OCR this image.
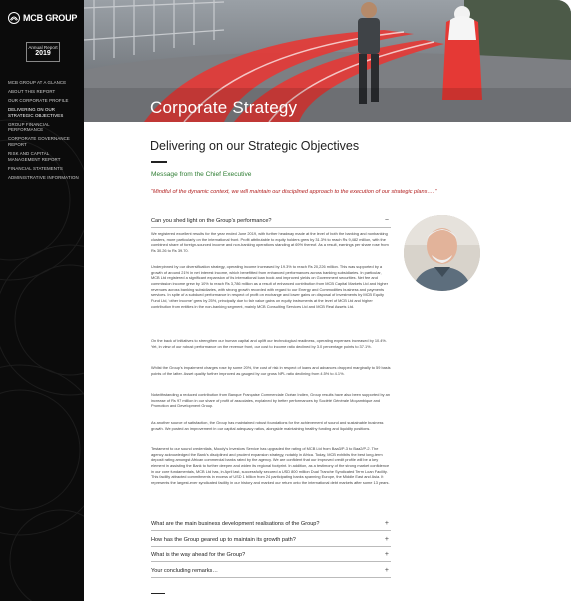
MCB GROUP
Annual Report
2019
MCB GROUP AT A GLANCE
ABOUT THIS REPORT
OUR CORPORATE PROFILE
DELIVERING ON OUR STRATEGIC OBJECTIVES
GROUP FINANCIAL PERFORMANCE
CORPORATE GOVERNANCE REPORT
RISK AND CAPITAL MANAGEMENT REPORT
FINANCIAL STATEMENTS
ADMINISTRATIVE INFORMATION
Corporate Strategy
Delivering on our Strategic Objectives
Message from the Chief Executive
“Mindful of the dynamic context, we will maintain our disciplined approach to the execution of our strategic plans….”
Can you shed light on the Group’s performance?	−

We registered excellent results for the year ended June 2019, with further headway made at the level of both the banking and nonbanking clusters, more particularly on the international front. Profit attributable to equity holders grew by 31.3% to reach Rs 9,482 million, with the combined share of foreign-sourced income and non-banking operations standing at 69% thereof. As a result, earnings per share rose from Rs 30.26 to Rs 39.70.

Underpinned by our diversification strategy, operating income increased by 19.3% to reach Rs 20,226 million. This was supported by a growth of around 21% in net interest income, which benefitted from enhanced performances across banking subsidiaries. In particular, MCB Ltd registered a significant expansion of its international loan book and improved yields on Government securities. Net fee and commission income grew by 10% to reach Rs 3,786 million as a result of enhanced contribution from MCB Capital Markets Ltd and higher revenues across banking subsidiaries, with strong growth recorded with regard to our Energy and Commodities business and payments services. In spite of a subdued performance in respect of profit on exchange and lower gains on disposal of investments by MCB Equity Fund Ltd, ‘other income’ grew by 25%, principally due to fair value gains on equity instruments at the level of MCB Ltd and higher contribution from entities in the non-banking segment, mainly MCB Consulting Services Ltd and MCB Real Assets Ltd.

On the back of initiatives to strengthen our human capital and uplift our technological readiness, operating expenses increased by 10.4%. Yet, in view of our robust performance on the revenue front, our cost to income ratio declined by 3.0 percentage points to 37.1%.

Whilst the Group’s impairment charges rose by some 20%, the cost of risk in respect of loans and advances dropped marginally to 59 basis points of the latter. Asset quality further improved as gauged by our gross NPL ratio declining from 4.5% to 4.1%.

Notwithstanding a reduced contribution from Banque Française Commerciale Océan Indien, Group results have also been supported by an increase of Rs 97 million in our share of profit of associates, explained by better performances by Société Générale Moçambique and Promotion and Development Group.

As another source of satisfaction, the Group has maintained robust foundations for the achievement of sound and sustainable business growth. We posted an improvement in our capital adequacy ratios, alongside maintaining healthy funding and liquidity positions.

Testament to our sound credentials, Moody’s Investors Service has upgraded the rating of MCB Ltd from Baa3/P-3 to Baa2/P-2. The agency acknowledged the Bank’s disciplined and prudent expansion strategy, notably in Africa. Today, MCB exhibits the best long-term deposit rating amongst African commercial banks rated by the agency. We are confident that our improved credit profile will be a key element in assisting the Bank to further deepen and widen its regional footprint. In addition, as a testimony of the strong market confidence in our core fundamentals, MCB Ltd has, in April last, successfully secured a USD 800 million Dual Tranche Syndicated Term Loan Facility. This facility attracted commitments in excess of USD 1 billion from 24 participating banks spanning Europe, the Middle East and Asia. It represents the largest-ever syndicated facility in our history and marked our return onto the international debt markets after some 13 years.

What are the main business development realisations of the Group?	+
How has the Group geared up to maintain its growth path?	+
What is the way ahead for the Group?	+
Your concluding remarks…	+
